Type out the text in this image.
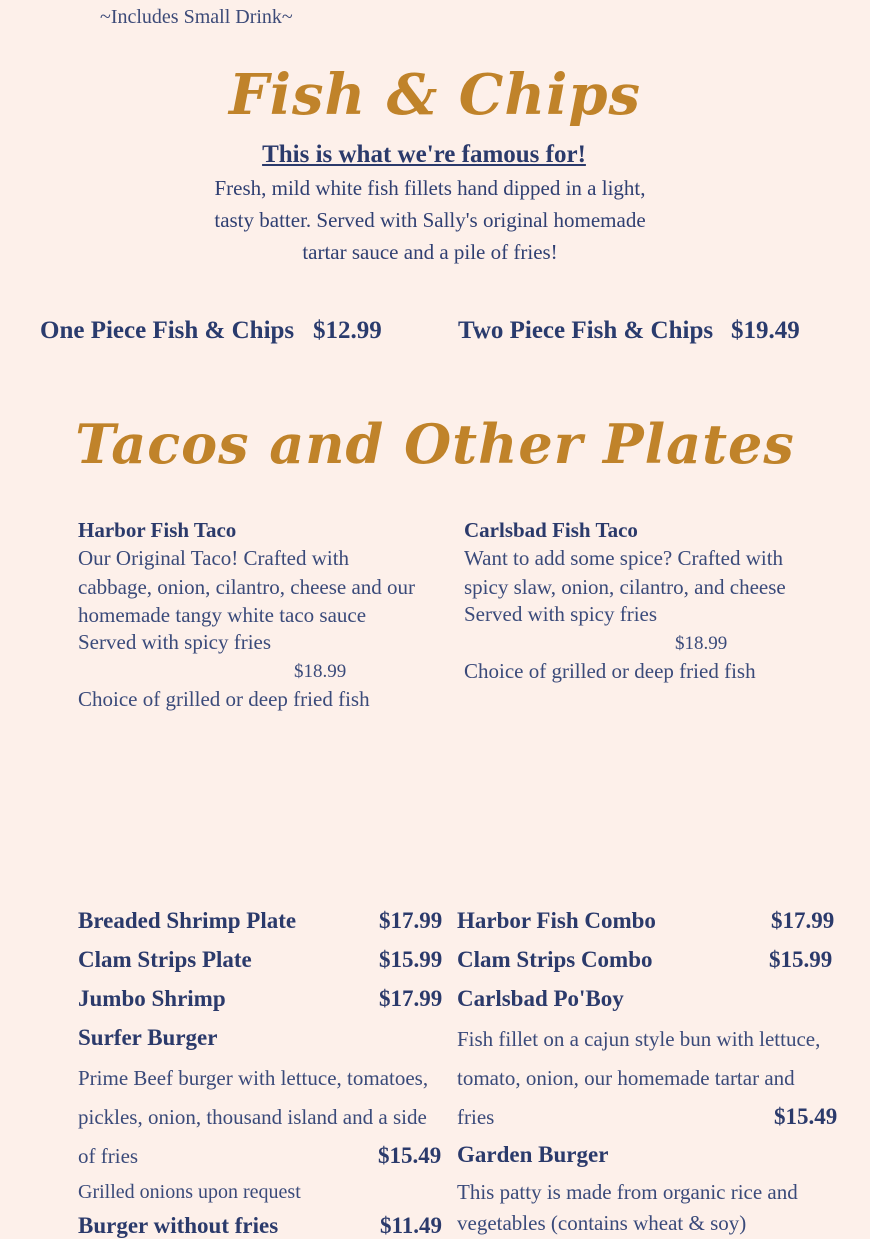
~Includes Small Drink~
Fish & Chips
This is what we're famous for!
Fresh, mild white fish fillets hand dipped in a light, tasty batter. Served with Sally's original homemade tartar sauce and a pile of fries!
One Piece Fish & Chips $12.99	Two Piece Fish & Chips $19.49
Tacos and Other Plates
Harbor Fish Taco
Our Original Taco! Crafted with cabbage, onion, cilantro, cheese and our homemade tangy white taco sauce
Served with spicy fries
$18.99
Choice of grilled or deep fried fish
Carlsbad Fish Taco
Want to add some spice? Crafted with spicy slaw, onion, cilantro, and cheese
Served with spicy fries
$18.99
Choice of grilled or deep fried fish
Breaded Shrimp Plate	$17.99
Clam Strips Plate	$15.99
Jumbo Shrimp	$17.99
Surfer Burger
Prime Beef burger with lettuce, tomatoes,
pickles, onion, thousand island and a side
of fries	$15.49
Grilled onions upon request
Burger without fries	$11.49
Harbor Fish Combo	$17.99
Clam Strips Combo	$15.99
Carlsbad Po'Boy
Fish fillet on a cajun style bun with lettuce,
tomato, onion, our homemade tartar and
fries	$15.49
Garden Burger
This patty is made from organic rice and
vegetables (contains wheat & soy)
